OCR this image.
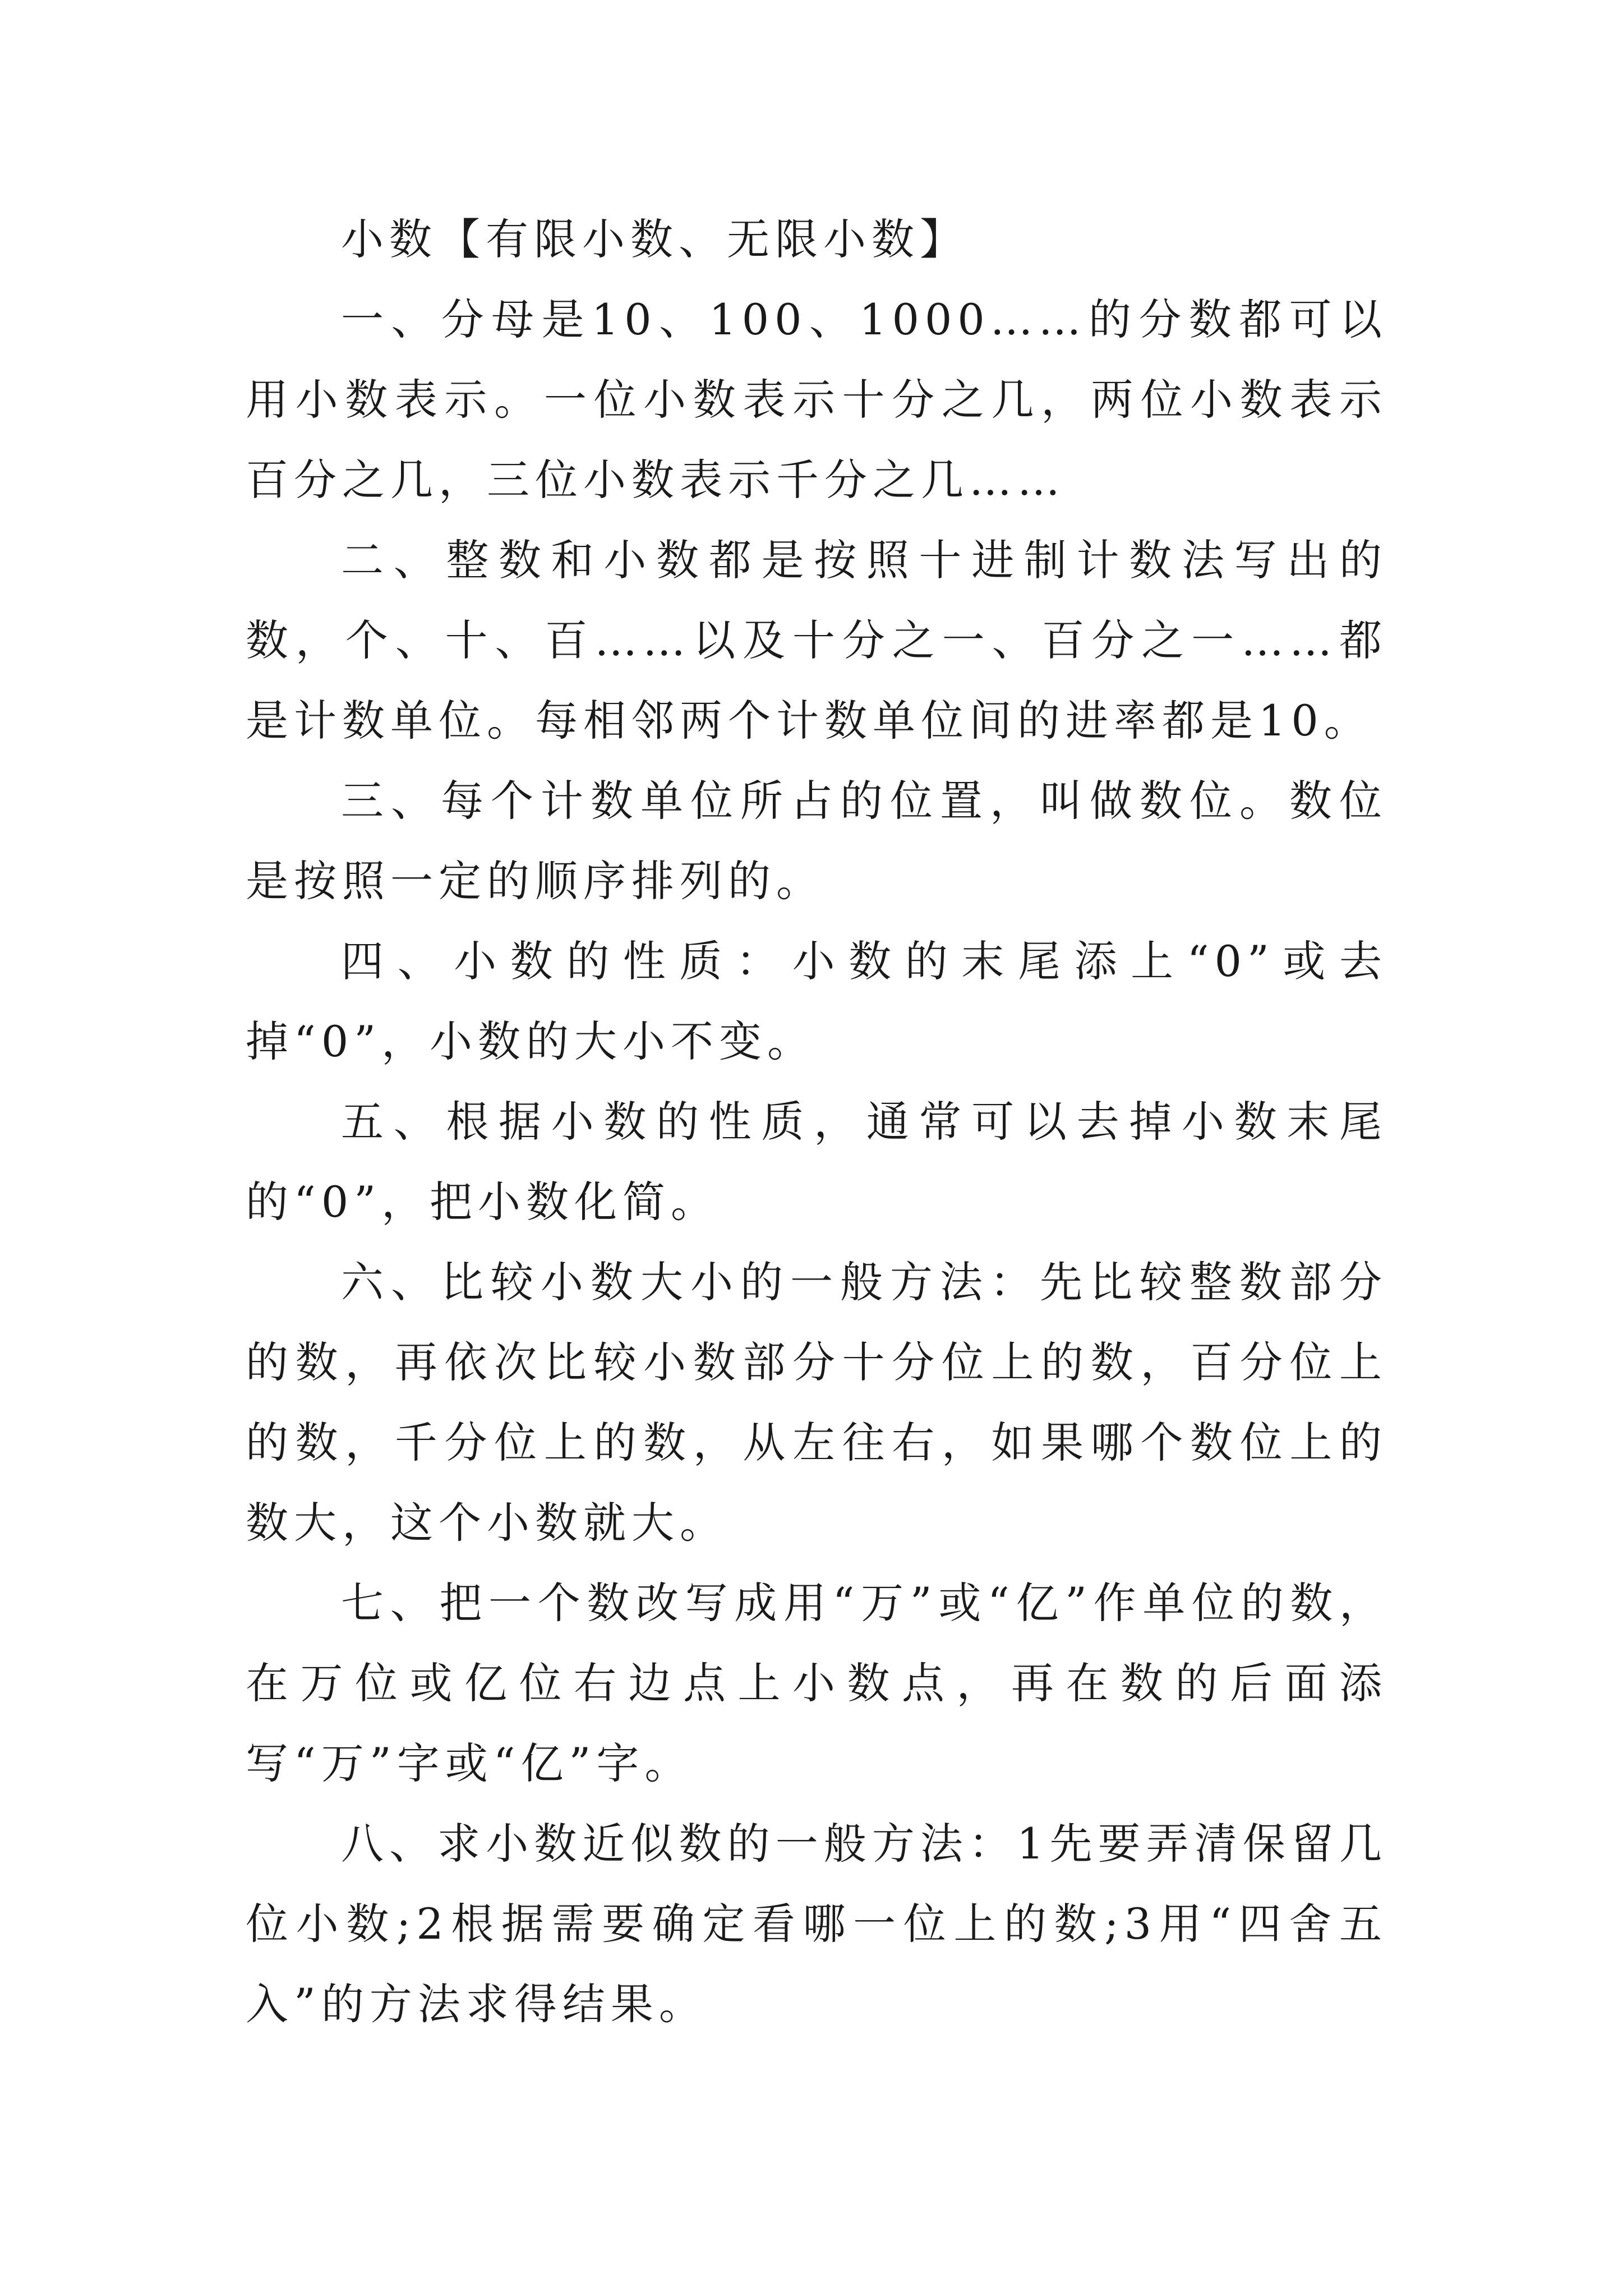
小数【有限小数、无限小数】

一、分母是10、100、1000……的分数都可以用小数表示。一位小数表示十分之几，两位小数表示百分之几，三位小数表示千分之几……

二、整数和小数都是按照十进制计数法写出的数，个、十、百……以及十分之一、百分之一……都是计数单位。每相邻两个计数单位间的进率都是10。

三、每个计数单位所占的位置，叫做数位。数位是按照一定的顺序排列的。

四、小数的性质：小数的末尾添上“0”或去掉“0”，小数的大小不变。

五、根据小数的性质，通常可以去掉小数末尾的“0”，把小数化简。

六、比较小数大小的一般方法：先比较整数部分的数，再依次比较小数部分十分位上的数，百分位上的数，千分位上的数，从左往右，如果哪个数位上的数大，这个小数就大。

七、把一个数改写成用“万”或“亿”作单位的数，在万位或亿位右边点上小数点，再在数的后面添写“万”字或“亿”字。

八、求小数近似数的一般方法：1先要弄清保留几位小数;2根据需要确定看哪一位上的数;3用“四舍五入”的方法求得结果。
